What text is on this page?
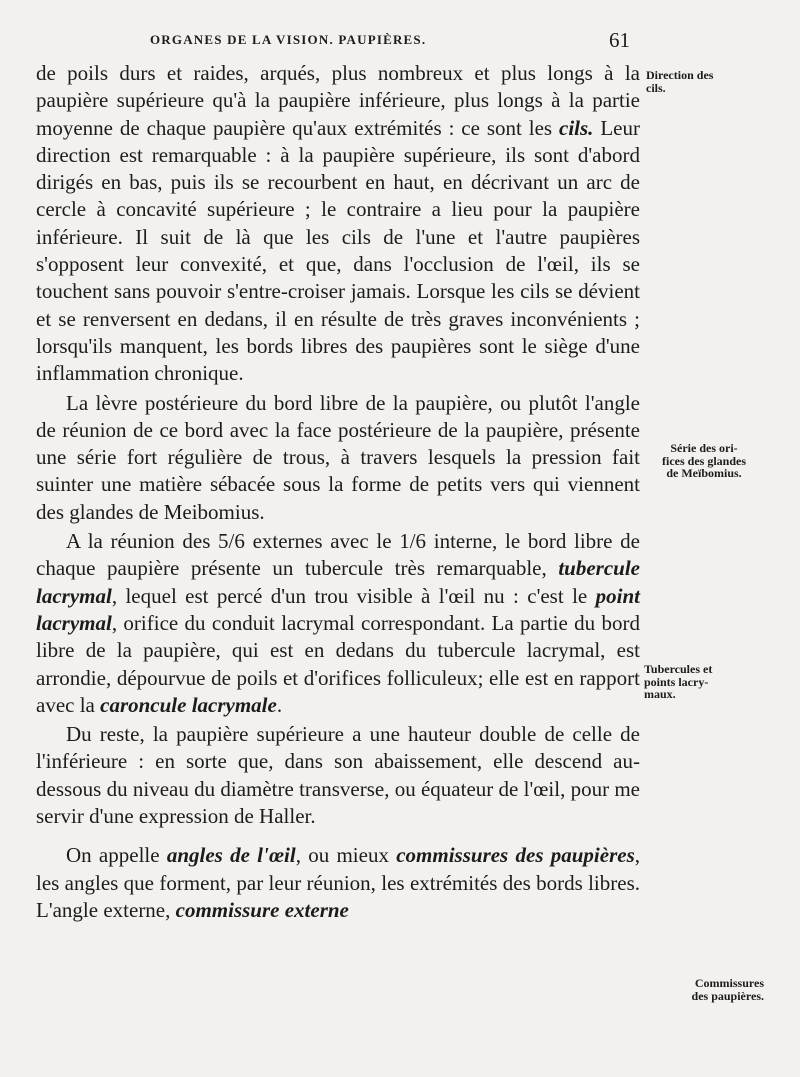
ORGANES DE LA VISION. PAUPIÈRES.	61

de poils durs et raides, arqués, plus nombreux et plus longs à la paupière supérieure qu'à la paupière inférieure, plus longs à la partie moyenne de chaque paupière qu'aux extrémités : ce sont les cils. Leur direction est remarquable : à la paupière supérieure, ils sont d'abord dirigés en bas, puis ils se recourbent en haut, en décrivant un arc de cercle à concavité supérieure ; le contraire a lieu pour la paupière inférieure. Il suit de là que les cils de l'une et l'autre paupières s'opposent leur convexité, et que, dans l'occlusion de l'œil, ils se touchent sans pouvoir s'entre-croiser jamais. Lorsque les cils se dévient et se renversent en dedans, il en résulte de très graves inconvénients ; lorsqu'ils manquent, les bords libres des paupières sont le siège d'une inflammation chronique.

La lèvre postérieure du bord libre de la paupière, ou plutôt l'angle de réunion de ce bord avec la face postérieure de la paupière, présente une série fort régulière de trous, à travers lesquels la pression fait suinter une matière sébacée sous la forme de petits vers qui viennent des glandes de Meibomius.

A la réunion des 5/6 externes avec le 1/6 interne, le bord libre de chaque paupière présente un tubercule très remarquable, tubercule lacrymal, lequel est percé d'un trou visible à l'œil nu : c'est le point lacrymal, orifice du conduit lacrymal correspondant. La partie du bord libre de la paupière, qui est en dedans du tubercule lacrymal, est arrondie, dépourvue de poils et d'orifices folliculeux; elle est en rapport avec la caroncule lacrymale.

Du reste, la paupière supérieure a une hauteur double de celle de l'inférieure : en sorte que, dans son abaissement, elle descend au-dessous du niveau du diamètre transverse, ou équateur de l'œil, pour me servir d'une expression de Haller.

On appelle angles de l'œil, ou mieux commissures des paupières, les angles que forment, par leur réunion, les extrémités des bords libres. L'angle externe, commissure externe

Direction des
cils.
Série des ori-
fices des glandes
de Meïbomius.
Tubercules et
points lacry-
maux.
Commissures
des paupières.
